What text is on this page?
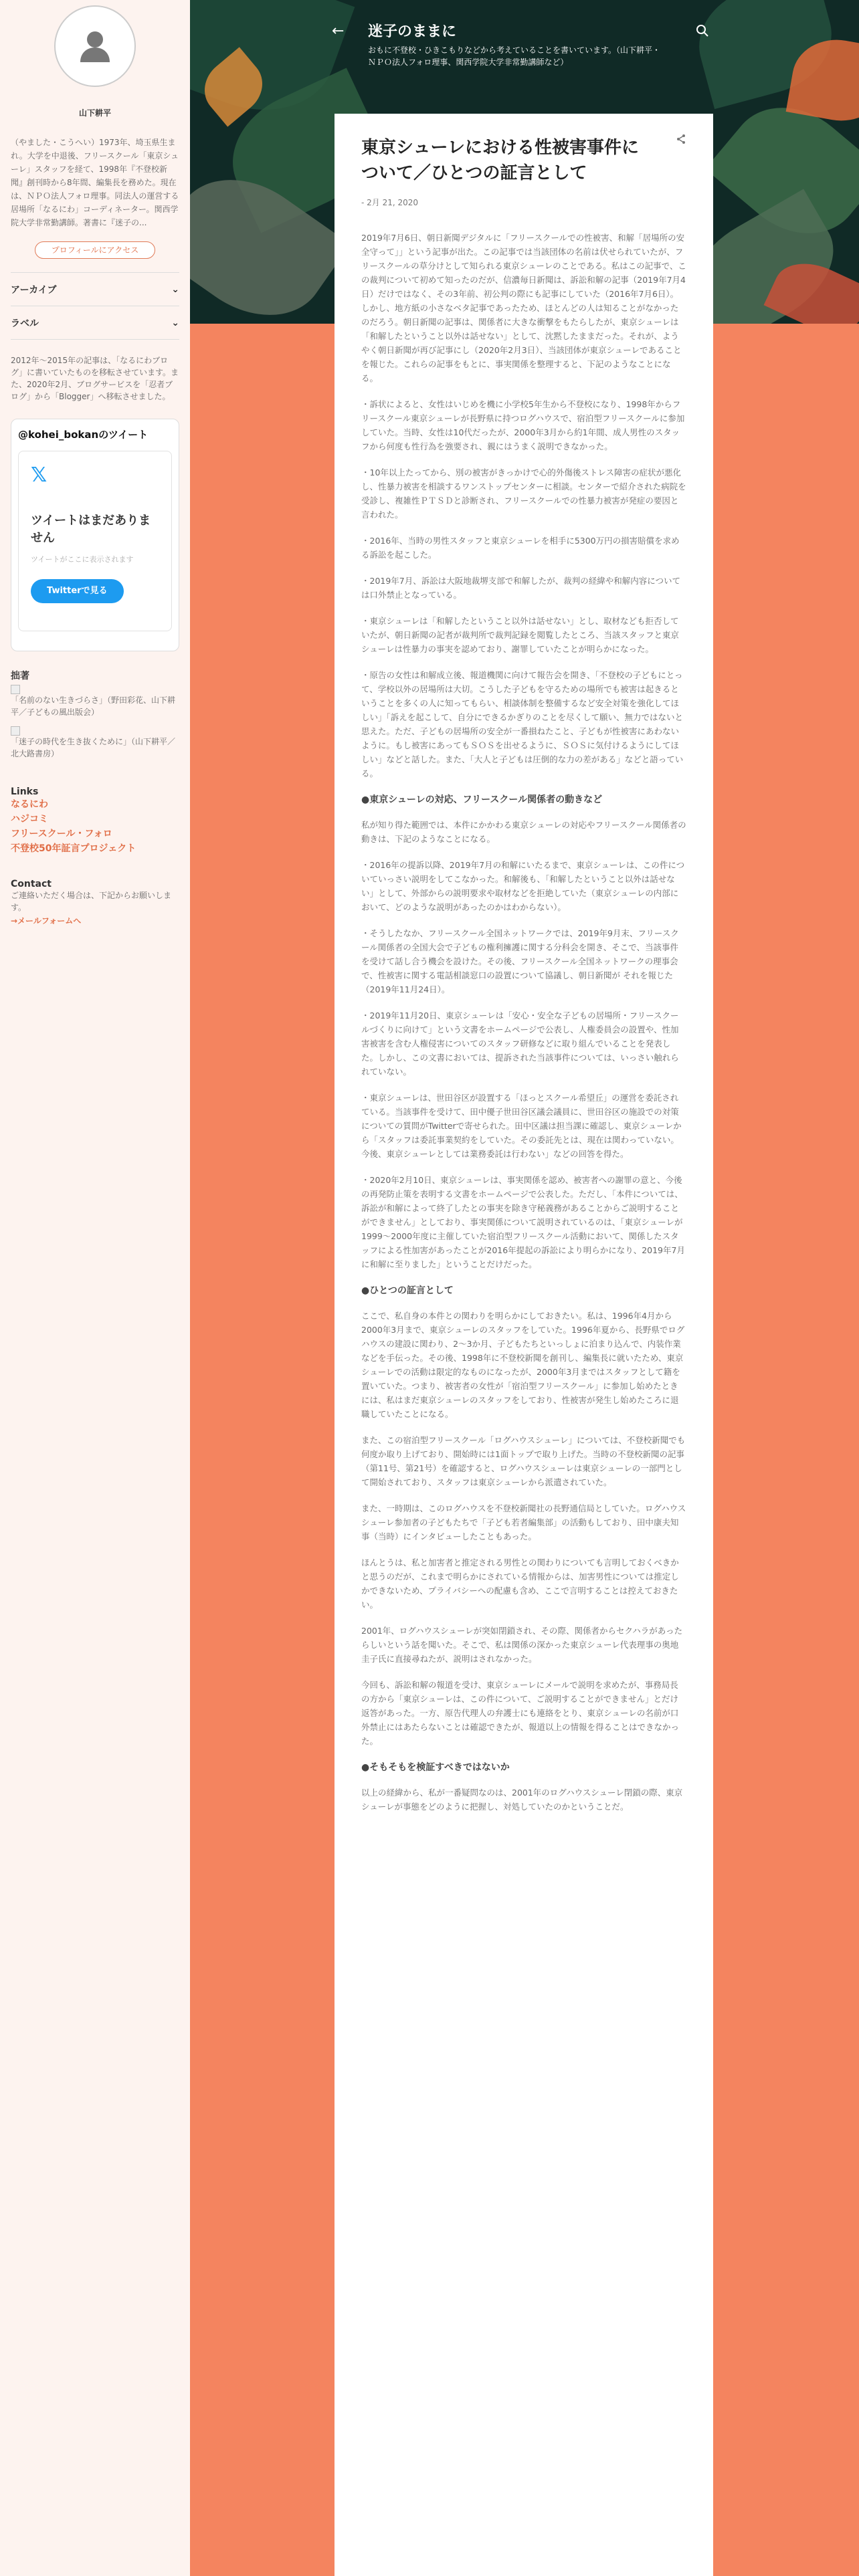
← 迷子のままに
おもに不登校・ひきこもりなどから考えていることを書いています。（山下耕平・ＮＰＯ法人フォロ理事、関西学院大学非常勤講師など）
山下耕平
（やました・こうへい）1973年、埼玉県生まれ。大学を中退後、フリースクール「東京シューレ」スタッフを経て、1998年『不登校新聞』創刊時から8年間、編集長を務めた。現在は、ＮＰＯ法人フォロ理事。同法人の運営する居場所「なるにわ」コーディネーター。関西学院大学非常勤講師。著書に『迷子の...
プロフィールにアクセス
アーカイブ	⌄
ラベル	⌄
2012年〜2015年の記事は、「なるにわブログ」に書いていたものを移転させています。また、2020年2月、ブログサービスを「忍者ブログ」から「Blogger」へ移転させました。
@kohei_bokanのツイート
𝕏
ツイートはまだありません
ツイートがここに表示されます
Twitterで見る
拙著
「名前のない生きづらさ」（野田彩花、山下耕平／子どもの風出版会）
「迷子の時代を生き抜くために」（山下耕平／北大路書房）
Links
なるにわ
ハジコミ
フリースクール・フォロ
不登校50年証言プロジェクト
Contact
ご連絡いただく場合は、下記からお願いします。
→メールフォームへ
東京シューレにおける性被害事件について／ひとつの証言として
- 2月 21, 2020

2019年7月6日、朝日新聞デジタルに「フリースクールでの性被害、和解「居場所の安全守って」」という記事が出た。この記事では当該団体の名前は伏せられていたが、フリースクールの草分けとして知られる東京シューレのことである。私はこの記事で、この裁判について初めて知ったのだが、信濃毎日新聞は、訴訟和解の記事（2019年7月4日）だけではなく、その3年前、初公判の際にも記事にしていた（2016年7月6日）。しかし、地方紙の小さなベタ記事であったため、ほとんどの人は知ることがなかったのだろう。朝日新聞の記事は、関係者に大きな衝撃をもたらしたが、東京シューレは「和解したということ以外は話せない」として、沈黙したままだった。それが、ようやく朝日新聞が再び記事にし（2020年2月3日）、当該団体が東京シューレであることを報じた。これらの記事をもとに、事実関係を整理すると、下記のようなことになる。

・訴状によると、女性はいじめを機に小学校5年生から不登校になり、1998年からフリースクール東京シューレが長野県に持つログハウスで、宿泊型フリースクールに参加していた。当時、女性は10代だったが、2000年3月から約1年間、成人男性のスタッフから何度も性行為を強要され、親にはうまく説明できなかった。

・10年以上たってから、別の被害がきっかけで心的外傷後ストレス障害の症状が悪化し、性暴力被害を相談するワンストップセンターに相談。センターで紹介された病院を受診し、複雑性ＰＴＳＤと診断され、フリースクールでの性暴力被害が発症の要因と言われた。

・2016年、当時の男性スタッフと東京シューレを相手に5300万円の損害賠償を求める訴訟を起こした。

・2019年7月、訴訟は大阪地裁堺支部で和解したが、裁判の経緯や和解内容については口外禁止となっている。

・東京シューレは「和解したということ以外は話せない」とし、取材なども拒否していたが、朝日新聞の記者が裁判所で裁判記録を閲覧したところ、当該スタッフと東京シューレは性暴力の事実を認めており、謝罪していたことが明らかになった。

・原告の女性は和解成立後、報道機関に向けて報告会を開き、「不登校の子どもにとって、学校以外の居場所は大切。こうした子どもを守るための場所でも被害は起きるということを多くの人に知ってもらい、相談体制を整備するなど安全対策を強化してほしい」「訴えを起こして、自分にできるかぎりのことを尽くして願い、無力ではないと思えた。ただ、子どもの居場所の安全が一番損ねたこと、子どもが性被害にあわないように。もし被害にあってもＳＯＳを出せるように、ＳＯＳに気付けるようにしてほしい」などと話した。また、「大人と子どもは圧倒的な力の差がある」などと語っている。

●東京シューレの対応、フリースクール関係者の動きなど

私が知り得た範囲では、本件にかかわる東京シューレの対応やフリースクール関係者の動きは、下記のようなことになる。

・2016年の提訴以降、2019年7月の和解にいたるまで、東京シューレは、この件についていっさい説明をしてこなかった。和解後も、「和解したということ以外は話せない」として、外部からの説明要求や取材などを拒絶していた（東京シューレの内部において、どのような説明があったのかはわからない）。

・そうしたなか、フリースクール全国ネットワークでは、2019年9月末、フリースクール関係者の全国大会で子どもの権利擁護に関する分科会を開き、そこで、当該事件を受けて話し合う機会を設けた。その後、フリースクール全国ネットワークの理事会で、性被害に関する電話相談窓口の設置について協議し、朝日新聞が それを報じた（2019年11月24日）。

・2019年11月20日、東京シューレは「安心・安全な子どもの居場所・フリースクールづくりに向けて」という文書をホームページで公表し、人権委員会の設置や、性加害被害を含む人権侵害についてのスタッフ研修などに取り組んでいることを発表した。しかし、この文書においては、提訴された当該事件については、いっさい触れられていない。

・東京シューレは、世田谷区が設置する「ほっとスクール希望丘」の運営を委託されている。当該事件を受けて、田中優子世田谷区議会議員に、世田谷区の施設での対策についての質問がTwitterで寄せられた。田中区議は担当課に確認し、東京シューレから「スタッフは委託事業契約をしていた。その委託先とは、現在は関わっていない。今後、東京シューレとしては業務委託は行わない」などの回答を得た。

・2020年2月10日、東京シューレは、事実関係を認め、被害者への謝罪の意と、今後の再発防止策を表明する文書をホームページで公表した。ただし、「本件については、訴訟が和解によって終了したとの事実を除き守秘義務があることからご説明することができません」としており、事実関係について説明されているのは、「東京シューレが1999〜2000年度に主催していた宿泊型フリースクール活動において、関係したスタッフによる性加害があったことが2016年提起の訴訟により明らかになり、2019年7月に和解に至りました」ということだけだった。

●ひとつの証言として

ここで、私自身の本件との関わりを明らかにしておきたい。私は、1996年4月から2000年3月まで、東京シューレのスタッフをしていた。1996年夏から、長野県でログハウスの建設に関わり、2〜3か月、子どもたちといっしょに泊まり込んで、内装作業などを手伝った。その後、1998年に不登校新聞を創刊し、編集長に就いたため、東京シューレでの活動は限定的なものになったが、2000年3月まではスタッフとして籍を置いていた。つまり、被害者の女性が「宿泊型フリースクール」に参加し始めたときには、私はまだ東京シューレのスタッフをしており、性被害が発生し始めたころに退職していたことになる。

また、この宿泊型フリースクール「ログハウスシューレ」については、不登校新聞でも何度か取り上げており、開始時には1面トップで取り上げた。当時の不登校新聞の記事（第11号、第21号）を確認すると、ログハウスシューレは東京シューレの一部門として開始されており、スタッフは東京シューレから派遣されていた。

また、一時期は、このログハウスを不登校新聞社の長野通信局としていた。ログハウスシューレ参加者の子どもたちで「子ども若者編集部」の活動もしており、田中康夫知事（当時）にインタビューしたこともあった。

ほんとうは、私と加害者と推定される男性との関わりについても言明しておくべきかと思うのだが、これまで明らかにされている情報からは、加害男性については推定しかできないため、プライバシーへの配慮も含め、ここで言明することは控えておきたい。

2001年、ログハウスシューレが突如閉鎖され、その際、関係者からセクハラがあったらしいという話を聞いた。そこで、私は関係の深かった東京シューレ代表理事の奥地圭子氏に直接尋ねたが、説明はされなかった。

今回も、訴訟和解の報道を受け、東京シューレにメールで説明を求めたが、事務局長の方から「東京シューレは、この件について、ご説明することができません」とだけ返答があった。一方、原告代理人の弁護士にも連絡をとり、東京シューレの名前が口外禁止にはあたらないことは確認できたが、報道以上の情報を得ることはできなかった。

●そもそもを検証すべきではないか

以上の経緯から、私が一番疑問なのは、2001年のログハウスシューレ閉鎖の際、東京シューレが事態をどのように把握し、対処していたのかということだ。
